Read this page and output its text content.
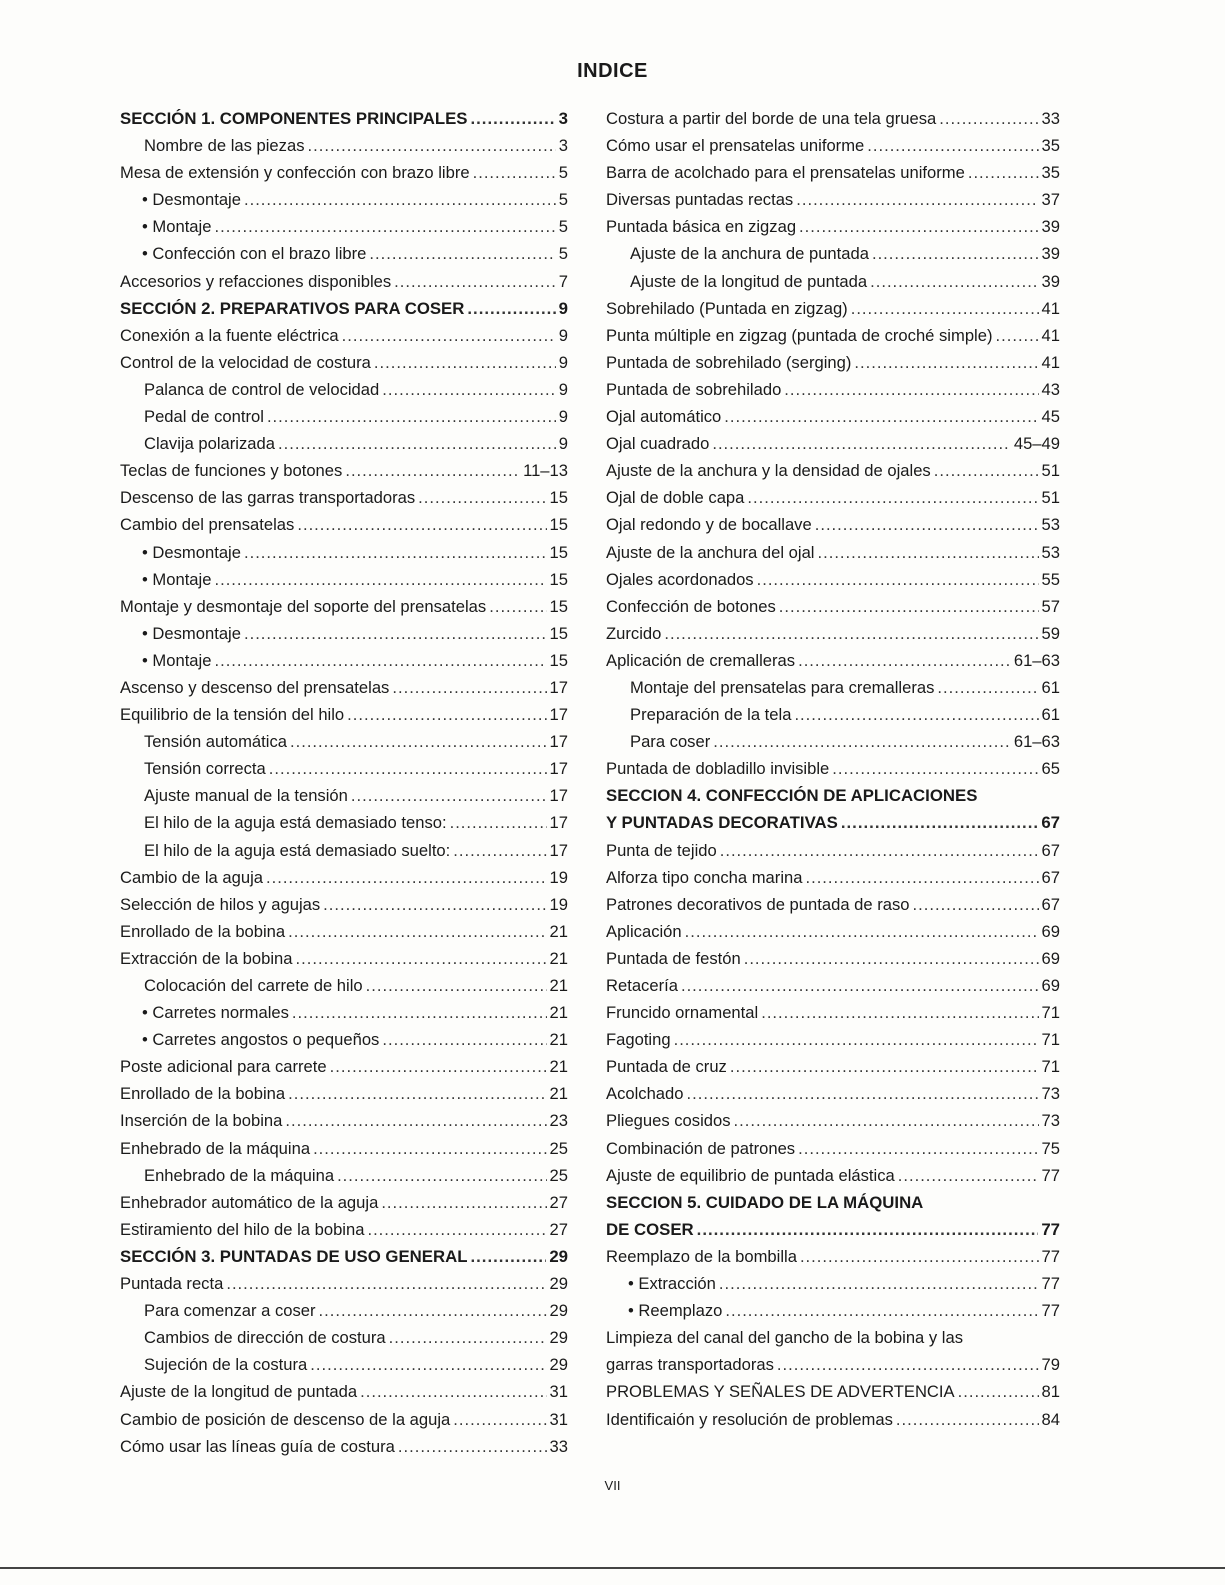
INDICE
SECCIÓN 1. COMPONENTES PRINCIPALES .....	3
Nombre de las piezas .....	3
Mesa de extensión y confección con brazo libre .....	5
• Desmontaje .....	5
• Montaje .....	5
• Confección con el brazo libre .....	5
Accesorios y refacciones disponibles .....	7
SECCIÓN 2. PREPARATIVOS PARA COSER .....	9
Conexión a la fuente eléctrica .....	9
Control de la velocidad de costura .....	9
Palanca de control de velocidad .....	9
Pedal de control .....	9
Clavija polarizada .....	9
Teclas de funciones y botones .....	11–13
Descenso de las garras transportadoras .....	15
Cambio del prensatelas .....	15
• Desmontaje .....	15
• Montaje .....	15
Montaje y desmontaje del soporte del prensatelas .....	15
• Desmontaje .....	15
• Montaje .....	15
Ascenso y descenso del prensatelas .....	17
Equilibrio de la tensión del hilo .....	17
Tensión automática .....	17
Tensión correcta .....	17
Ajuste manual de la tensión .....	17
El hilo de la aguja está demasiado tenso: .....	17
El hilo de la aguja está demasiado suelto: .....	17
Cambio de la aguja .....	19
Selección de hilos y agujas .....	19
Enrollado de la bobina .....	21
Extracción de la bobina .....	21
Colocación del carrete de hilo .....	21
• Carretes normales .....	21
• Carretes angostos o pequeños .....	21
Poste adicional para carrete .....	21
Enrollado de la bobina .....	21
Inserción de la bobina .....	23
Enhebrado de la máquina .....	25
Enhebrado de la máquina .....	25
Enhebrador automático de la aguja .....	27
Estiramiento del hilo de la bobina .....	27
SECCIÓN 3. PUNTADAS DE USO GENERAL .....	29
Puntada recta .....	29
Para comenzar a coser .....	29
Cambios de dirección de costura .....	29
Sujeción de la costura .....	29
Ajuste de la longitud de puntada .....	31
Cambio de posición de descenso de la aguja .....	31
Cómo usar las líneas guía de costura .....	33
Costura a partir del borde de una tela gruesa .....	33
Cómo usar el prensatelas uniforme .....	35
Barra de acolchado para el prensatelas uniforme .....	35
Diversas puntadas rectas .....	37
Puntada básica en zigzag .....	39
Ajuste de la anchura de puntada .....	39
Ajuste de la longitud de puntada .....	39
Sobrehilado (Puntada en zigzag) .....	41
Punta múltiple en zigzag (puntada de croché simple) .....	41
Puntada de sobrehilado (serging) .....	41
Puntada de sobrehilado .....	43
Ojal automático .....	45
Ojal cuadrado .....	45–49
Ajuste de la anchura y la densidad de ojales .....	51
Ojal de doble capa .....	51
Ojal redondo y de bocallave .....	53
Ajuste de la anchura del ojal .....	53
Ojales acordonados .....	55
Confección de botones .....	57
Zurcido .....	59
Aplicación de cremalleras .....	61–63
Montaje del prensatelas para cremalleras .....	61
Preparación de la tela .....	61
Para coser .....	61–63
Puntada de dobladillo invisible .....	65
SECCION 4. CONFECCIÓN DE APLICACIONES
Y PUNTADAS DECORATIVAS .....	67
Punta de tejido .....	67
Alforza tipo concha marina .....	67
Patrones decorativos de puntada de raso .....	67
Aplicación .....	69
Puntada de festón .....	69
Retacería .....	69
Fruncido ornamental .....	71
Fagoting .....	71
Puntada de cruz .....	71
Acolchado .....	73
Pliegues cosidos .....	73
Combinación de patrones .....	75
Ajuste de equilibrio de puntada elástica .....	77
SECCION 5. CUIDADO DE LA MÁQUINA
DE COSER .....	77
Reemplazo de la bombilla .....	77
• Extracción .....	77
• Reemplazo .....	77
Limpieza del canal del gancho de la bobina y las
garras transportadoras .....	79
PROBLEMAS Y SEÑALES DE ADVERTENCIA .....	81
Identificaión y resolución de problemas .....	84
VII
